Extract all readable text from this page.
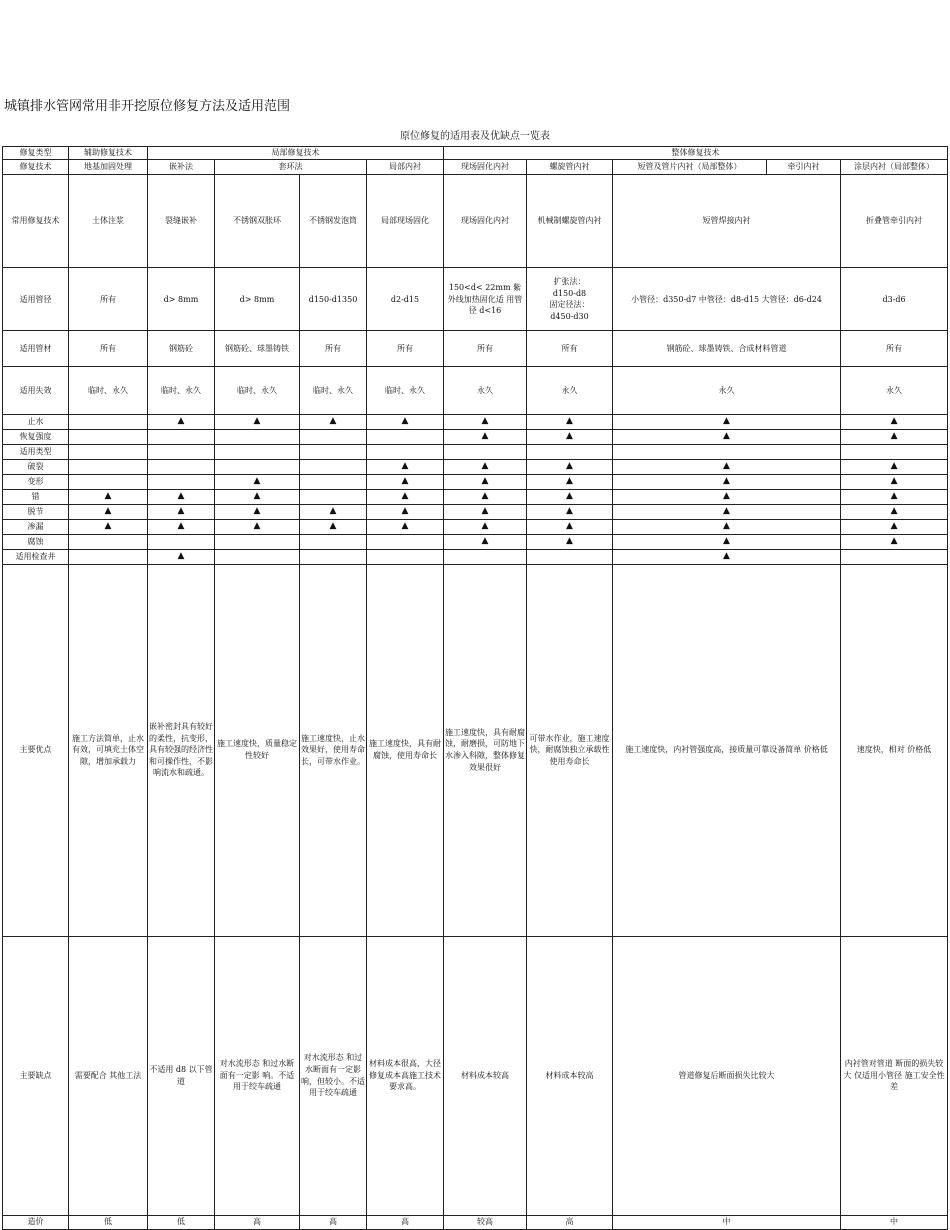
城镇排水管网常用非开挖原位修复方法及适用范围
原位修复的适用表及优缺点一览表
修复类型	辅助修复技术	局部修复技术				整体修复技术					
修复技术	地基加固处理	嵌补法	套环法		局部内衬	现场固化内衬	螺旋管内衬	短管及管片内衬（局部整体）	牵引内衬	涂层内衬（局部整体）	
常用修复技术	土体注浆	裂缝嵌补	不锈钢双胀环	不锈钢发泡筒	局部现场固化	现场固化内衬	机械制螺旋管内衬	短管焊接内衬		折叠管牵引内衬	
适用管径	所有	d> 8mm	d> 8mm	d150-d1350	d2-d15	150<d< 22mm 紫外线加热固化适 用管径 d<16	扩张法：
d150-d8
固定径法：
d450-d30	小管径：d350-d7 中管径：d8-d15 大管径：d6-d24		d3-d6	
适用管材	所有	钢筋砼	钢筋砼、球墨铸铁	所有	所有	所有	所有	钢筋砼、球墨铸铁、合成材料管道		所有	
适用失效	临时、永久	临时、永久	临时、永久	临时、永久	临时、永久	永久	永久	永久		永久	
止水		▲	▲	▲	▲	▲	▲	▲		▲	
恢复强度						▲	▲	▲		▲	
适用类型											
破裂					▲	▲	▲	▲		▲	
变形			▲		▲	▲	▲	▲		▲	
错	▲	▲	▲		▲	▲	▲	▲		▲	
脱节	▲	▲	▲	▲	▲	▲	▲	▲		▲	
渗漏	▲	▲	▲	▲	▲	▲	▲	▲		▲	
腐蚀						▲	▲	▲		▲	
适用检查井		▲						▲			
主要优点	施工方法简单，止水有效，可填充土体空隙，增加承载力	嵌补密封具有较好的柔性，抗变形，具有较强的经济性和可操作性，不影响流水和疏通。	施工速度快，质量稳定性较好	施工速度快，止水效果好，使用寿命长，可带水作业。	施工速度快，具有耐腐蚀，使用寿命长	施工速度快，具有耐腐蚀，耐磨损，可防地下水渗入科隙，整体修复效果很好	可带水作业，施工速度快，耐腐蚀独立承载性使用寿命长	施工速度快，内衬管强度高，接质量可靠设备简单 价格低		速度快，相对 价格低	
主要缺点	需要配合 其他工法	不适用 d8 以下管道	对水流形态 和过水断面有一定影 响。不适用于绞车疏通	对水流形态 和过水断面有一定影响，但较小。不适用于绞车疏通	材料成本很高，大径修复成本高施工技术要求高。	材料成本较高	材料成本较高	管道修复后断面损失比较大		内衬管对管道 断面的损失较大 仅适用小管径 施工安全性差	
造价	低	低	高	高	高	较高	高	中		中	
